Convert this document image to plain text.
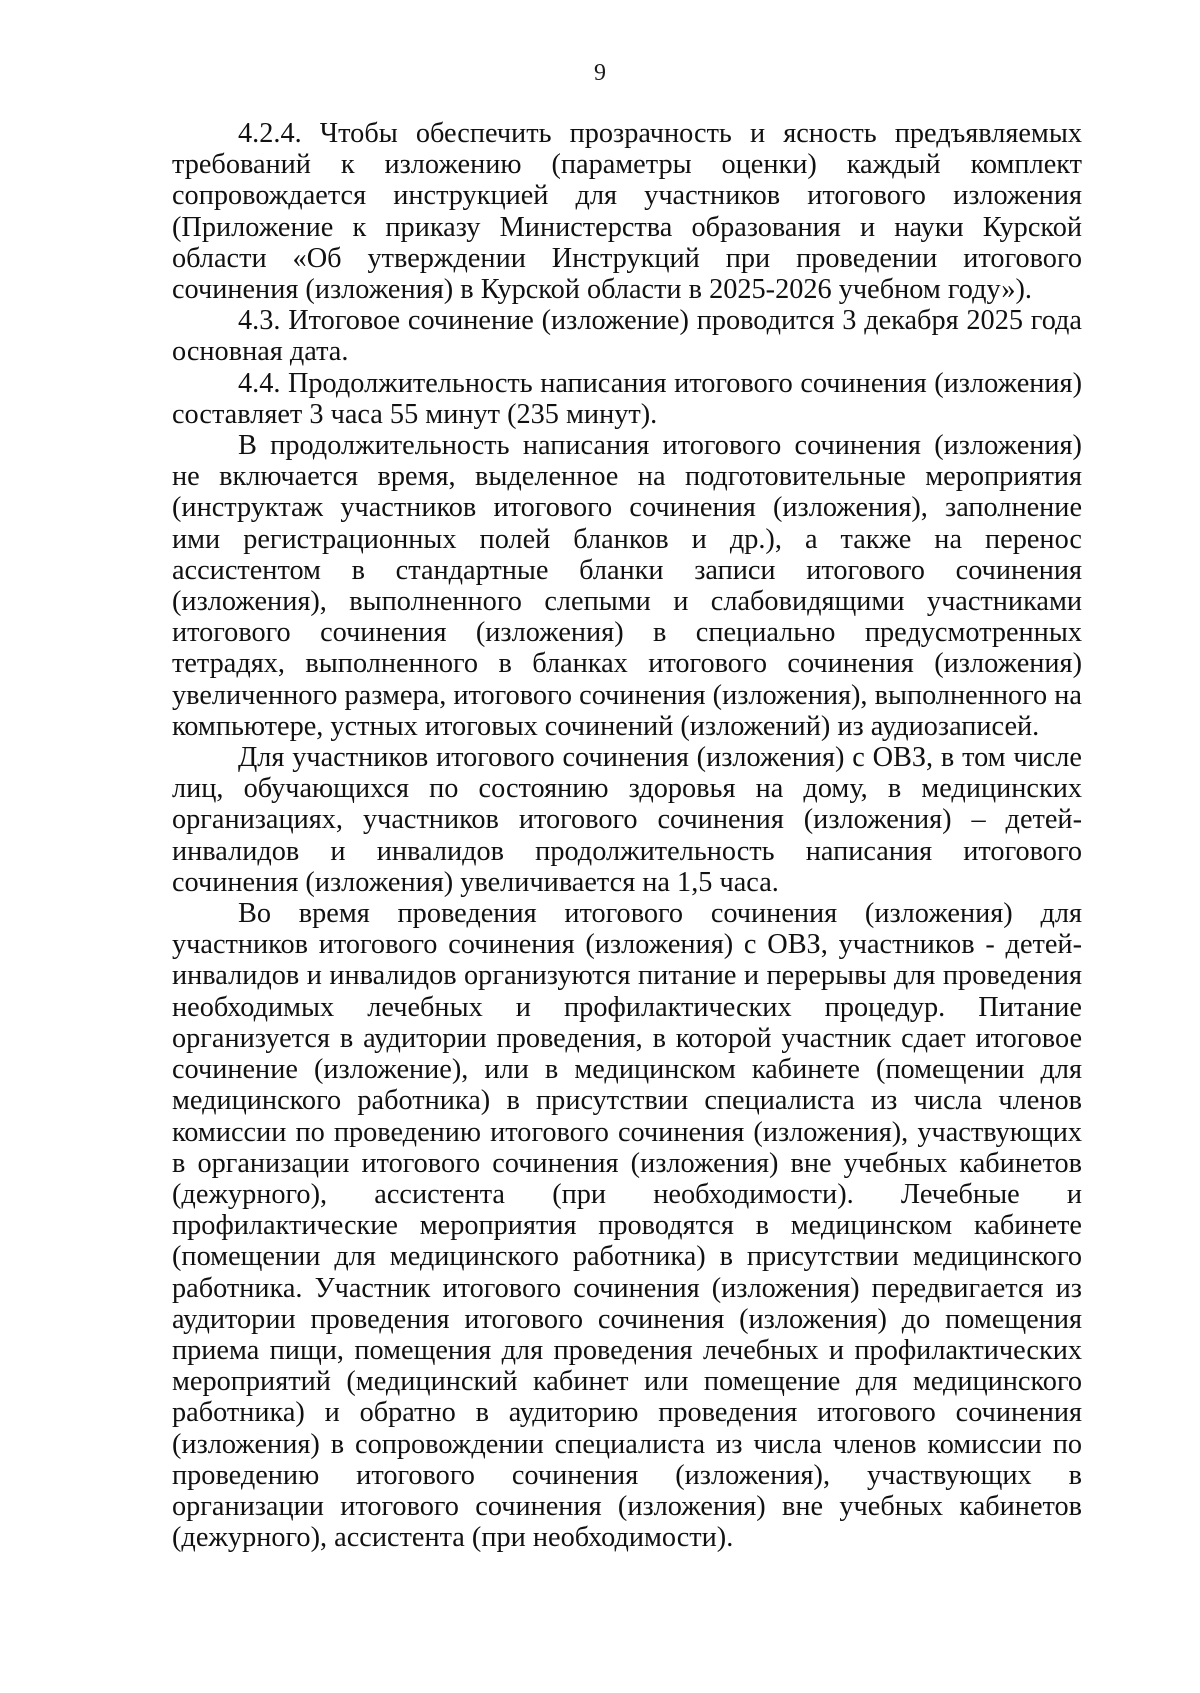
9

4.2.4. Чтобы обеспечить прозрачность и ясность предъявляемых требований к изложению (параметры оценки) каждый комплект сопровождается инструкцией для участников итогового изложения (Приложение к приказу Министерства образования и науки Курской области «Об утверждении Инструкций при проведении итогового сочинения (изложения) в Курской области в 2025-2026 учебном году»).

4.3. Итоговое сочинение (изложение) проводится 3 декабря 2025 года основная дата.

4.4. Продолжительность написания итогового сочинения (изложения) составляет 3 часа 55 минут (235 минут).

В продолжительность написания итогового сочинения (изложения) не включается время, выделенное на подготовительные мероприятия (инструктаж участников итогового сочинения (изложения), заполнение ими регистрационных полей бланков и др.), а также на перенос ассистентом в стандартные бланки записи итогового сочинения (изложения), выполненного слепыми и слабовидящими участниками итогового сочинения (изложения) в специально предусмотренных тетрадях, выполненного в бланках итогового сочинения (изложения) увеличенного размера, итогового сочинения (изложения), выполненного на компьютере, устных итоговых сочинений (изложений) из аудиозаписей.

Для участников итогового сочинения (изложения) с ОВЗ, в том числе лиц, обучающихся по состоянию здоровья на дому, в медицинских организациях, участников итогового сочинения (изложения) – детей-инвалидов и инвалидов продолжительность написания итогового сочинения (изложения) увеличивается на 1,5 часа.

Во время проведения итогового сочинения (изложения) для участников итогового сочинения (изложения) с ОВЗ, участников - детей-инвалидов и инвалидов организуются питание и перерывы для проведения необходимых лечебных и профилактических процедур. Питание организуется в аудитории проведения, в которой участник сдает итоговое сочинение (изложение), или в медицинском кабинете (помещении для медицинского работника) в присутствии специалиста из числа членов комиссии по проведению итогового сочинения (изложения), участвующих в организации итогового сочинения (изложения) вне учебных кабинетов (дежурного), ассистента (при необходимости). Лечебные и профилактические мероприятия проводятся в медицинском кабинете (помещении для медицинского работника) в присутствии медицинского работника. Участник итогового сочинения (изложения) передвигается из аудитории проведения итогового сочинения (изложения) до помещения приема пищи, помещения для проведения лечебных и профилактических мероприятий (медицинский кабинет или помещение для медицинского работника) и обратно в аудиторию проведения итогового сочинения (изложения) в сопровождении специалиста из числа членов комиссии по проведению итогового сочинения (изложения), участвующих в организации итогового сочинения (изложения) вне учебных кабинетов (дежурного), ассистента (при необходимости).
